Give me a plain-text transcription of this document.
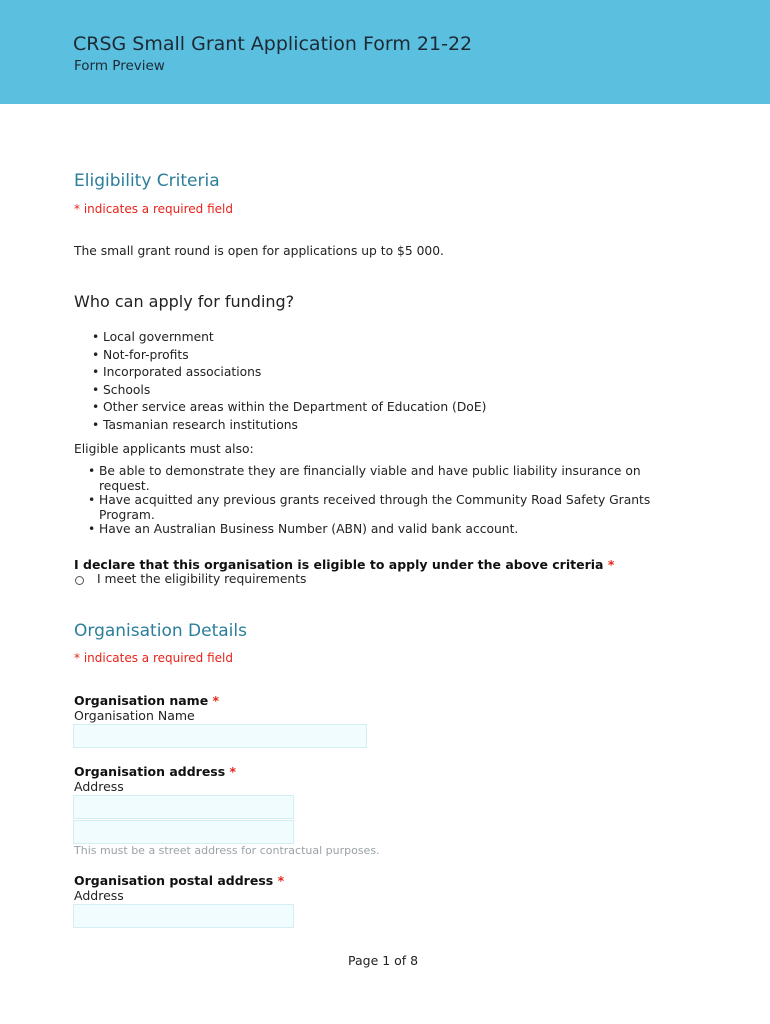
CRSG Small Grant Application Form 21-22
Form Preview
Eligibility Criteria
* indicates a required field
The small grant round is open for applications up to $5 000.
Who can apply for funding?
• Local government
• Not-for-profits
• Incorporated associations
• Schools
• Other service areas within the Department of Education (DoE)
• Tasmanian research institutions
Eligible applicants must also:
• Be able to demonstrate they are financially viable and have public liability insurance on request.
• Have acquitted any previous grants received through the Community Road Safety Grants Program.
• Have an Australian Business Number (ABN) and valid bank account.
I declare that this organisation is eligible to apply under the above criteria *
I meet the eligibility requirements
Organisation Details
* indicates a required field
Organisation name *
Organisation Name
Organisation address *
Address
This must be a street address for contractual purposes.
Organisation postal address *
Address
Page 1 of 8
